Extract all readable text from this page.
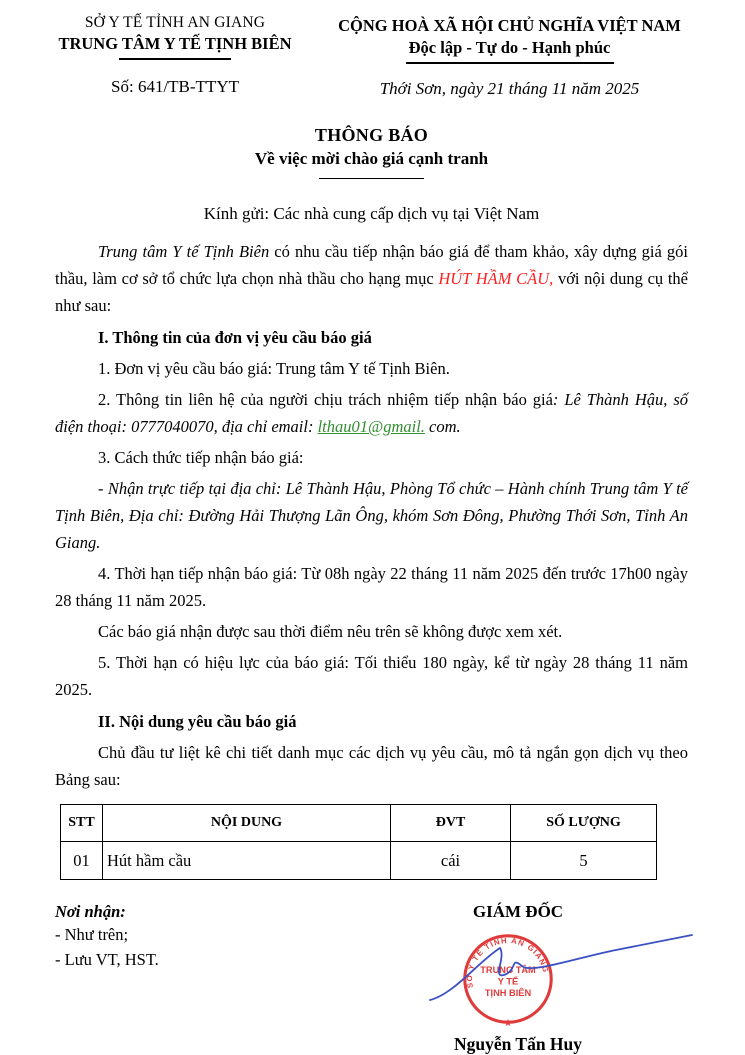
SỞ Y TẾ TỈNH AN GIANG
TRUNG TÂM Y TẾ TỊNH BIÊN
Số: 641/TB-TTYT
CỘNG HOÀ XÃ HỘI CHỦ NGHĨA VIỆT NAM
Độc lập - Tự do - Hạnh phúc
Thới Sơn, ngày 21 tháng 11 năm 2025
THÔNG BÁO
Về việc mời chào giá cạnh tranh
Kính gửi: Các nhà cung cấp dịch vụ tại Việt Nam

Trung tâm Y tế Tịnh Biên có nhu cầu tiếp nhận báo giá để tham khảo, xây dựng giá gói thầu, làm cơ sở tổ chức lựa chọn nhà thầu cho hạng mục HÚT HẦM CẦU, với nội dung cụ thể như sau:

I. Thông tin của đơn vị yêu cầu báo giá

1. Đơn vị yêu cầu báo giá: Trung tâm Y tế Tịnh Biên.

2. Thông tin liên hệ của người chịu trách nhiệm tiếp nhận báo giá: Lê Thành Hậu, số điện thoại: 0777040070, địa chỉ email: lthau01@gmail. com.

3. Cách thức tiếp nhận báo giá:

- Nhận trực tiếp tại địa chỉ: Lê Thành Hậu, Phòng Tổ chức – Hành chính Trung tâm Y tế Tịnh Biên, Địa chỉ: Đường Hải Thượng Lãn Ông, khóm Sơn Đông, Phường Thới Sơn, Tỉnh An Giang.

4. Thời hạn tiếp nhận báo giá: Từ 08h ngày 22 tháng 11 năm 2025 đến trước 17h00 ngày 28 tháng 11 năm 2025.

Các báo giá nhận được sau thời điểm nêu trên sẽ không được xem xét.

5. Thời hạn có hiệu lực của báo giá: Tối thiểu 180 ngày, kể từ ngày 28 tháng 11 năm 2025.

II. Nội dung yêu cầu báo giá

Chủ đầu tư liệt kê chi tiết danh mục các dịch vụ yêu cầu, mô tả ngắn gọn dịch vụ theo Bảng sau:

STT	NỘI DUNG	ĐVT	SỐ LƯỢNG
01	Hút hầm cầu	cái	5
Nơi nhận:
- Như trên;
- Lưu VT, HST.
GIÁM ĐỐC
SỞ Y TẾ TỈNH AN GIANG
TRUNG TÂM
Y TẾ
TỊNH BIÊN
★
Nguyễn Tấn Huy
